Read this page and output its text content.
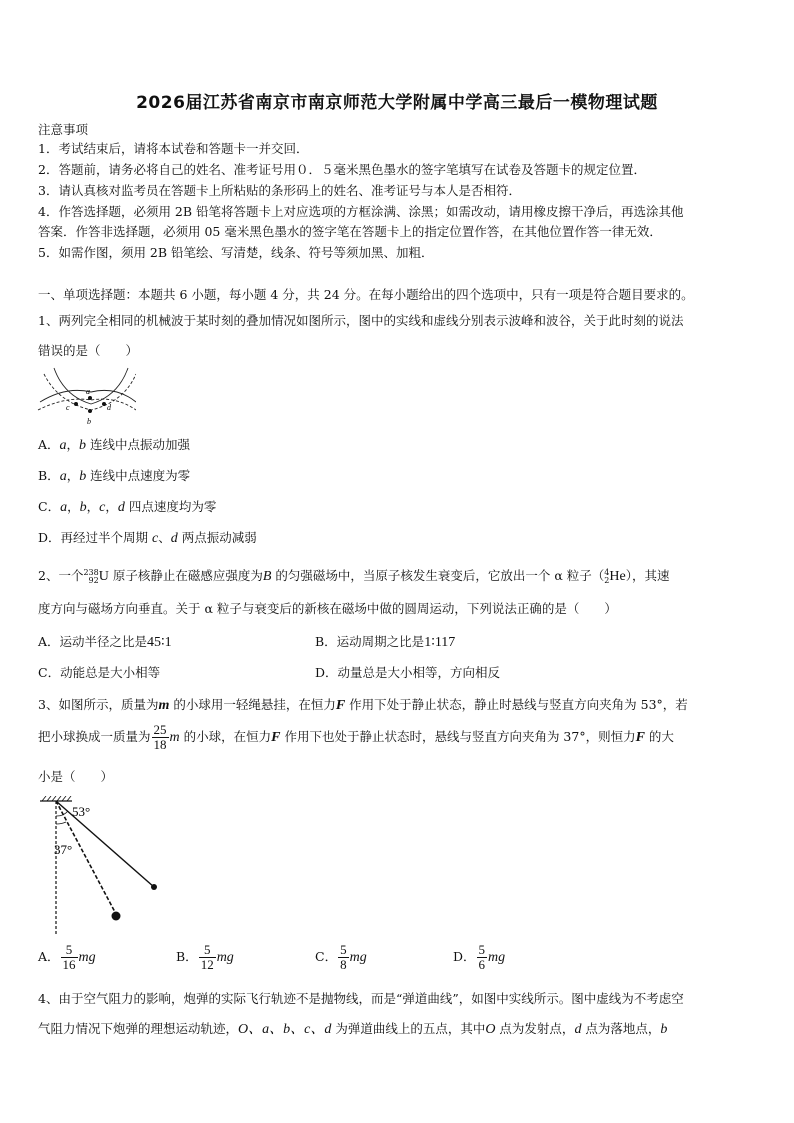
2026届江苏省南京市南京师范大学附属中学高三最后一模物理试题
注意事项
1．考试结束后，请将本试卷和答题卡一并交回．
2．答题前，请务必将自己的姓名、准考证号用０．５毫米黑色墨水的签字笔填写在试卷及答题卡的规定位置．
3．请认真核对监考员在答题卡上所粘贴的条形码上的姓名、准考证号与本人是否相符．
4．作答选择题，必须用 2B 铅笔将答题卡上对应选项的方框涂满、涂黑；如需改动，请用橡皮擦干净后，再选涂其他
答案．作答非选择题，必须用 05 毫米黑色墨水的签字笔在答题卡上的指定位置作答，在其他位置作答一律无效．
5．如需作图，须用 2B 铅笔绘、写清楚，线条、符号等须加黑、加粗．
一、单项选择题：本题共 6 小题，每小题 4 分，共 24 分。在每小题给出的四个选项中，只有一项是符合题目要求的。
1、两列完全相同的机械波于某时刻的叠加情况如图所示，图中的实线和虚线分别表示波峰和波谷，关于此时刻的说法
错误的是（　　）
a
b
c	d
A．a，b 连线中点振动加强
B．a，b 连线中点速度为零
C．a，b，c，d 四点速度均为零
D．再经过半个周期 c、d 两点振动减弱
2、一个 238
92 U 原子核静止在磁感应强度为B 的匀强磁场中，当原子核发生衰变后，它放出一个 α 粒子（ 4
2 He），其速
度方向与磁场方向垂直。关于 α 粒子与衰变后的新核在磁场中做的圆周运动，下列说法正确的是（　　）
A．运动半径之比是45∶1	B．运动周期之比是1∶117
C．动能总是大小相等	D．动量总是大小相等，方向相反
3、如图所示，质量为m 的小球用一轻绳悬挂，在恒力F 作用下处于静止状态，静止时悬线与竖直方向夹角为 53°，若
把小球换成一质量为 $\frac{25}{18}$ m 的小球，在恒力F 作用下也处于静止状态时，悬线与竖直方向夹角为 37°，则恒力F 的大
小是（　　）
53°
37°
A． $\frac{5}{16}$ mg	B． $\frac{5}{12}$ mg	C． $\frac{5}{8}$ mg	D． $\frac{5}{6}$ mg
4、由于空气阻力的影响，炮弹的实际飞行轨迹不是抛物线，而是“弹道曲线”，如图中实线所示。图中虚线为不考虑空
气阻力情况下炮弹的理想运动轨迹，O、a、b、c、d 为弹道曲线上的五点，其中O 点为发射点，d 点为落地点，b
